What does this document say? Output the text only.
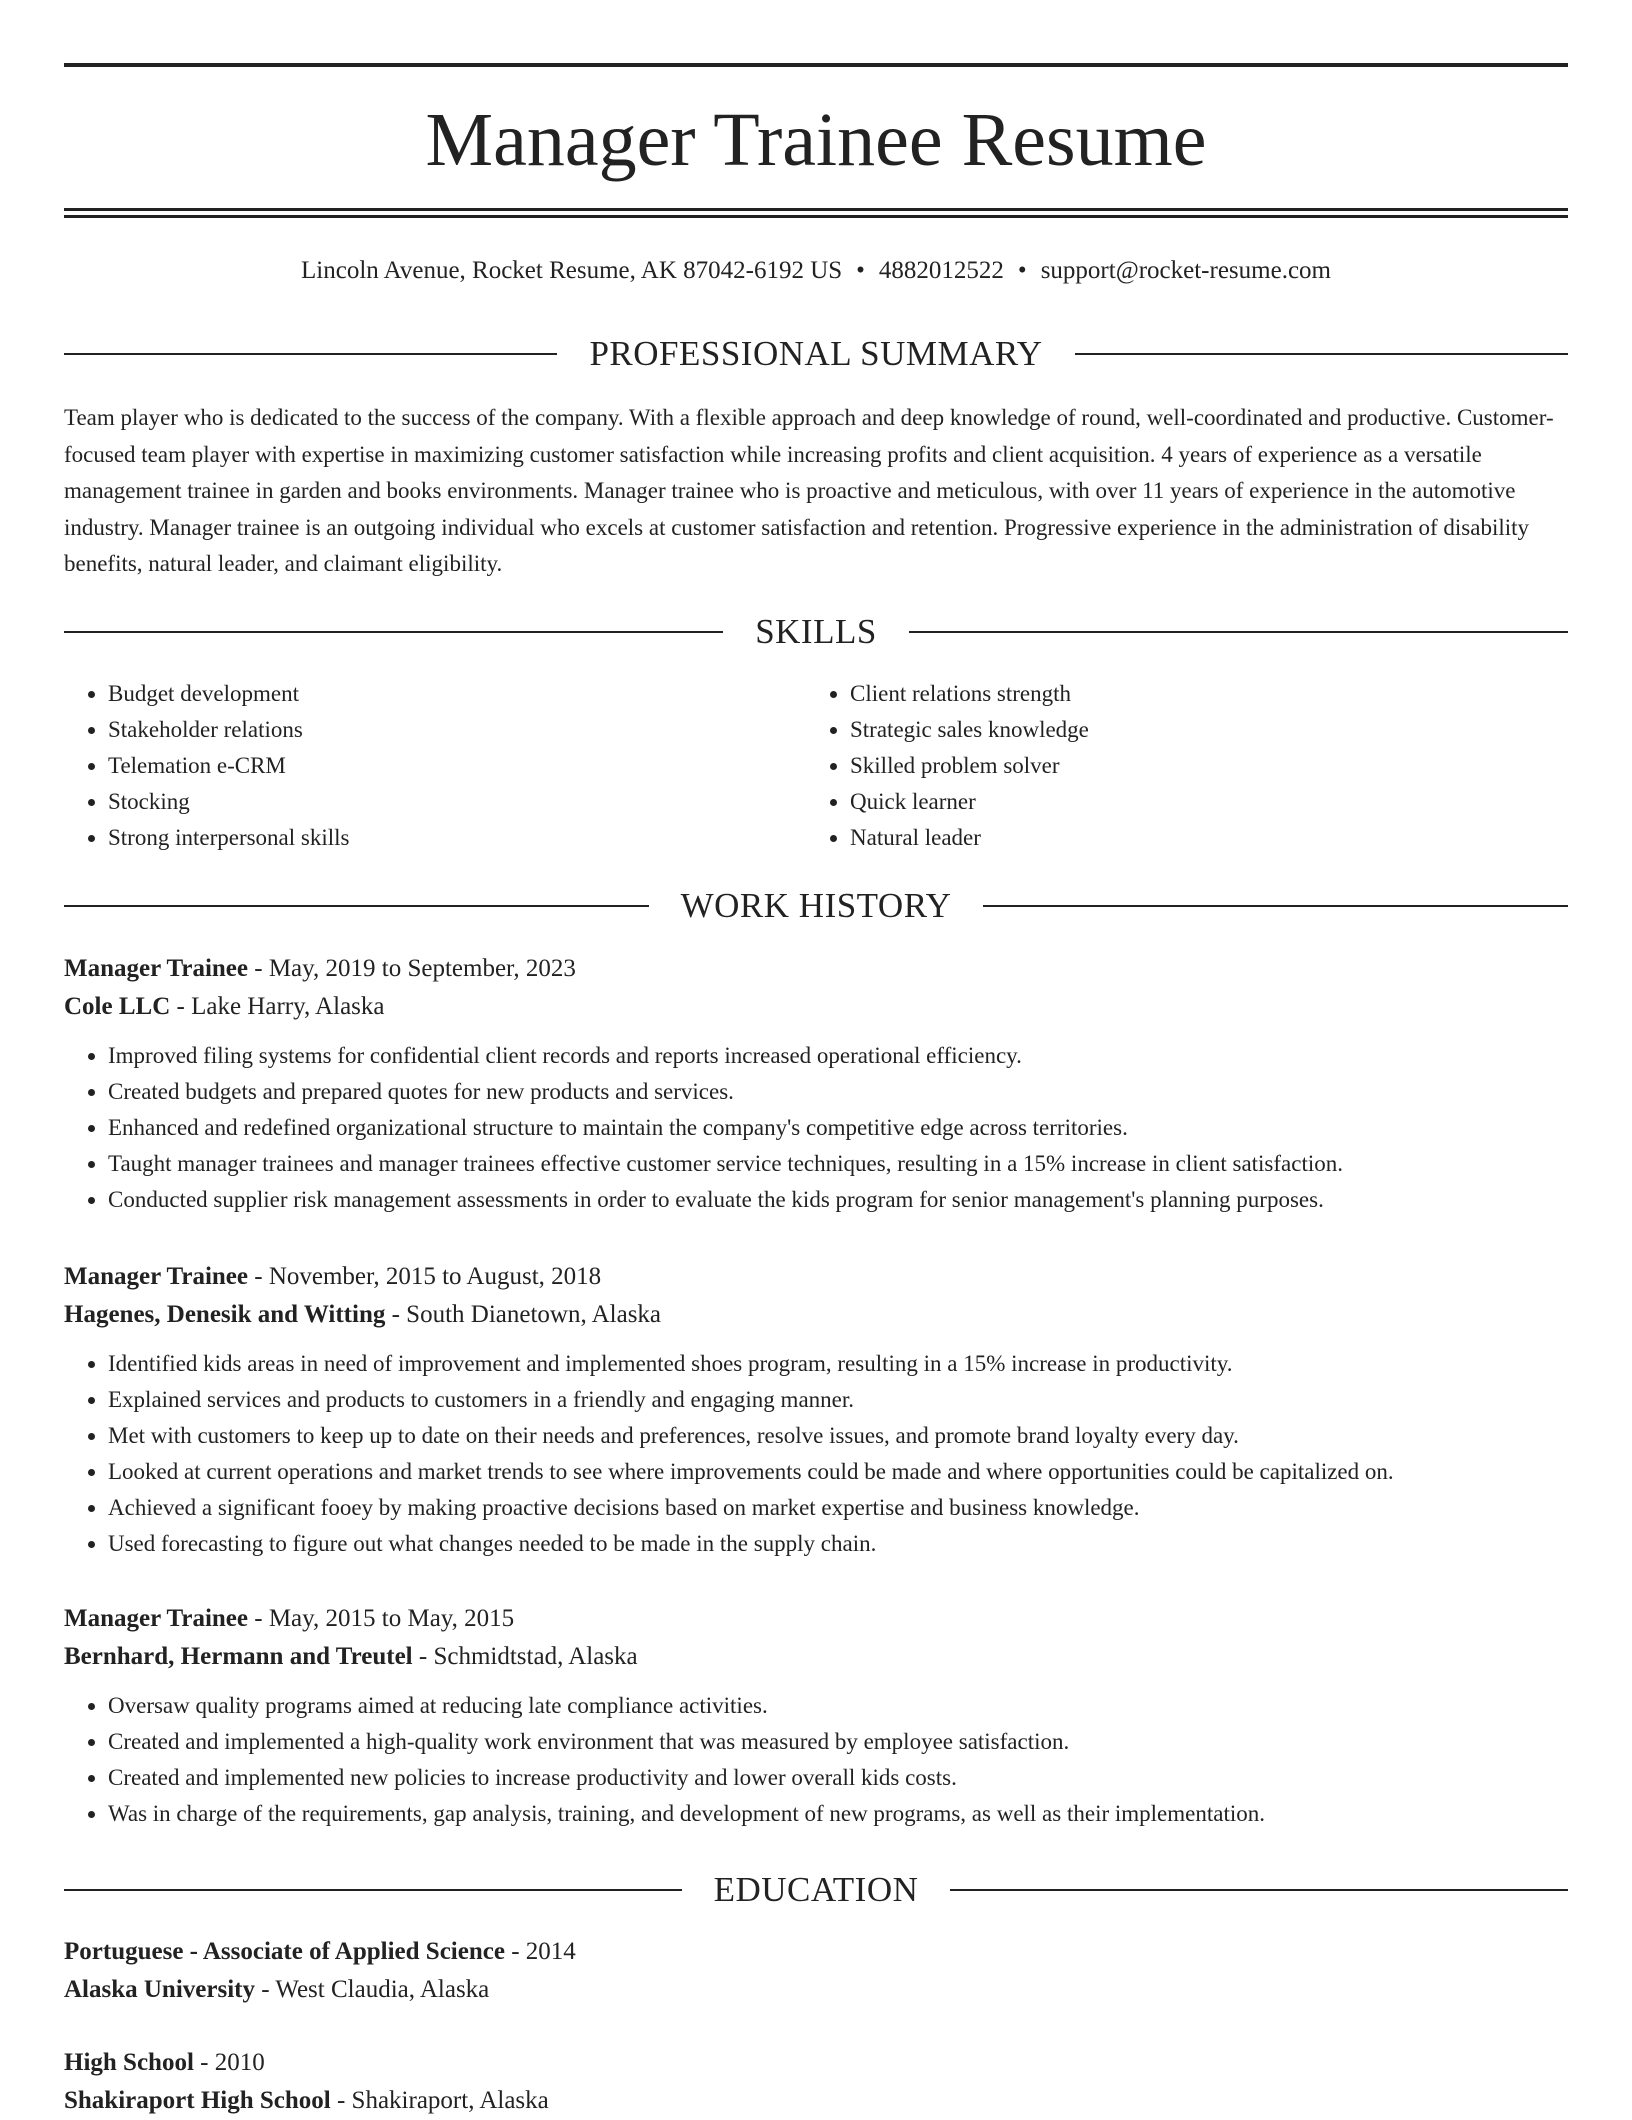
Manager Trainee Resume
Lincoln Avenue, Rocket Resume, AK 87042-6192 US • 4882012522 • support@rocket-resume.com
PROFESSIONAL SUMMARY

Team player who is dedicated to the success of the company. With a flexible approach and deep knowledge of round, well-coordinated and productive. Customer-focused team player with expertise in maximizing customer satisfaction while increasing profits and client acquisition. 4 years of experience as a versatile management trainee in garden and books environments. Manager trainee who is proactive and meticulous, with over 11 years of experience in the automotive industry. Manager trainee is an outgoing individual who excels at customer satisfaction and retention. Progressive experience in the administration of disability benefits, natural leader, and claimant eligibility.

SKILLS
• Budget development
• Stakeholder relations
• Telemation e-CRM
• Stocking
• Strong interpersonal skills
• Client relations strength
• Strategic sales knowledge
• Skilled problem solver
• Quick learner
• Natural leader
WORK HISTORY
Manager Trainee - May, 2019 to September, 2023
Cole LLC - Lake Harry, Alaska
• Improved filing systems for confidential client records and reports increased operational efficiency.
• Created budgets and prepared quotes for new products and services.
• Enhanced and redefined organizational structure to maintain the company's competitive edge across territories.
• Taught manager trainees and manager trainees effective customer service techniques, resulting in a 15% increase in client satisfaction.
• Conducted supplier risk management assessments in order to evaluate the kids program for senior management's planning purposes.
Manager Trainee - November, 2015 to August, 2018
Hagenes, Denesik and Witting - South Dianetown, Alaska
• Identified kids areas in need of improvement and implemented shoes program, resulting in a 15% increase in productivity.
• Explained services and products to customers in a friendly and engaging manner.
• Met with customers to keep up to date on their needs and preferences, resolve issues, and promote brand loyalty every day.
• Looked at current operations and market trends to see where improvements could be made and where opportunities could be capitalized on.
• Achieved a significant fooey by making proactive decisions based on market expertise and business knowledge.
• Used forecasting to figure out what changes needed to be made in the supply chain.
Manager Trainee - May, 2015 to May, 2015
Bernhard, Hermann and Treutel - Schmidtstad, Alaska
• Oversaw quality programs aimed at reducing late compliance activities.
• Created and implemented a high-quality work environment that was measured by employee satisfaction.
• Created and implemented new policies to increase productivity and lower overall kids costs.
• Was in charge of the requirements, gap analysis, training, and development of new programs, as well as their implementation.
EDUCATION
Portuguese - Associate of Applied Science - 2014
Alaska University - West Claudia, Alaska
High School - 2010
Shakiraport High School - Shakiraport, Alaska
